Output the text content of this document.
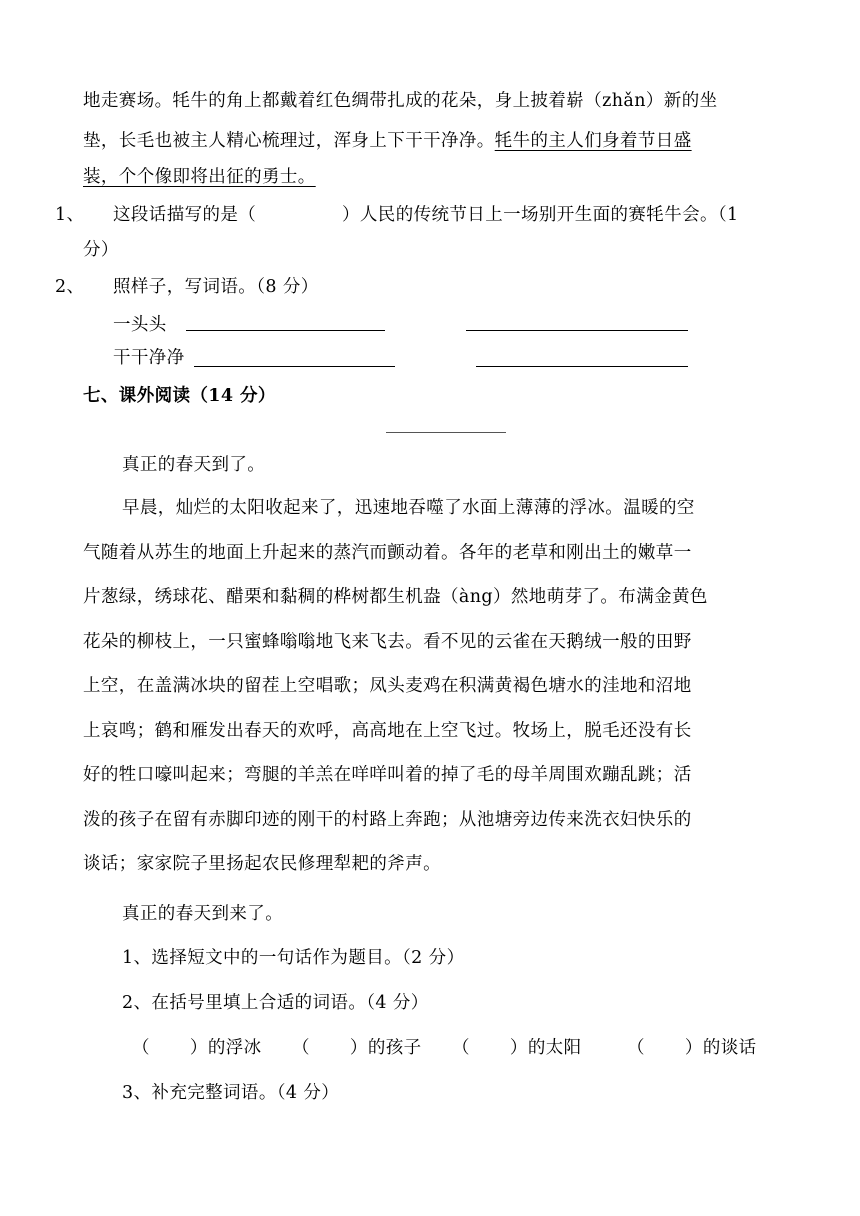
地走赛场。牦牛的角上都戴着红色绸带扎成的花朵，身上披着崭（zhǎn）新的坐
垫，长毛也被主人精心梳理过，浑身上下干干净净。牦牛的主人们身着节日盛
装，个个像即将出征的勇士。
1、 这段话描写的是（	）人民的传统节日上一场别开生面的赛牦牛会。（1
分）
2、 照样子，写词语。（8 分）
一头头
干干净净
七、课外阅读（14 分）
真正的春天到了。
早晨，灿烂的太阳收起来了，迅速地吞噬了水面上薄薄的浮冰。温暖的空
气随着从苏生的地面上升起来的蒸汽而颤动着。各年的老草和刚出土的嫩草一
片葱绿，绣球花、醋栗和黏稠的桦树都生机盎（àng）然地萌芽了。布满金黄色
花朵的柳枝上，一只蜜蜂嗡嗡地飞来飞去。看不见的云雀在天鹅绒一般的田野
上空，在盖满冰块的留茬上空唱歌；凤头麦鸡在积满黄褐色塘水的洼地和沼地
上哀鸣；鹤和雁发出春天的欢呼，高高地在上空飞过。牧场上，脱毛还没有长
好的牲口嚎叫起来；弯腿的羊羔在咩咩叫着的掉了毛的母羊周围欢蹦乱跳；活
泼的孩子在留有赤脚印迹的刚干的村路上奔跑；从池塘旁边传来洗衣妇快乐的
谈话；家家院子里扬起农民修理犁耙的斧声。
真正的春天到来了。
1、选择短文中的一句话作为题目。（2 分）
2、在括号里填上合适的词语。（4 分）
（ ）的浮冰 （ ）的孩子 （ ）的太阳	（ ）的谈话
3、补充完整词语。（4 分）
